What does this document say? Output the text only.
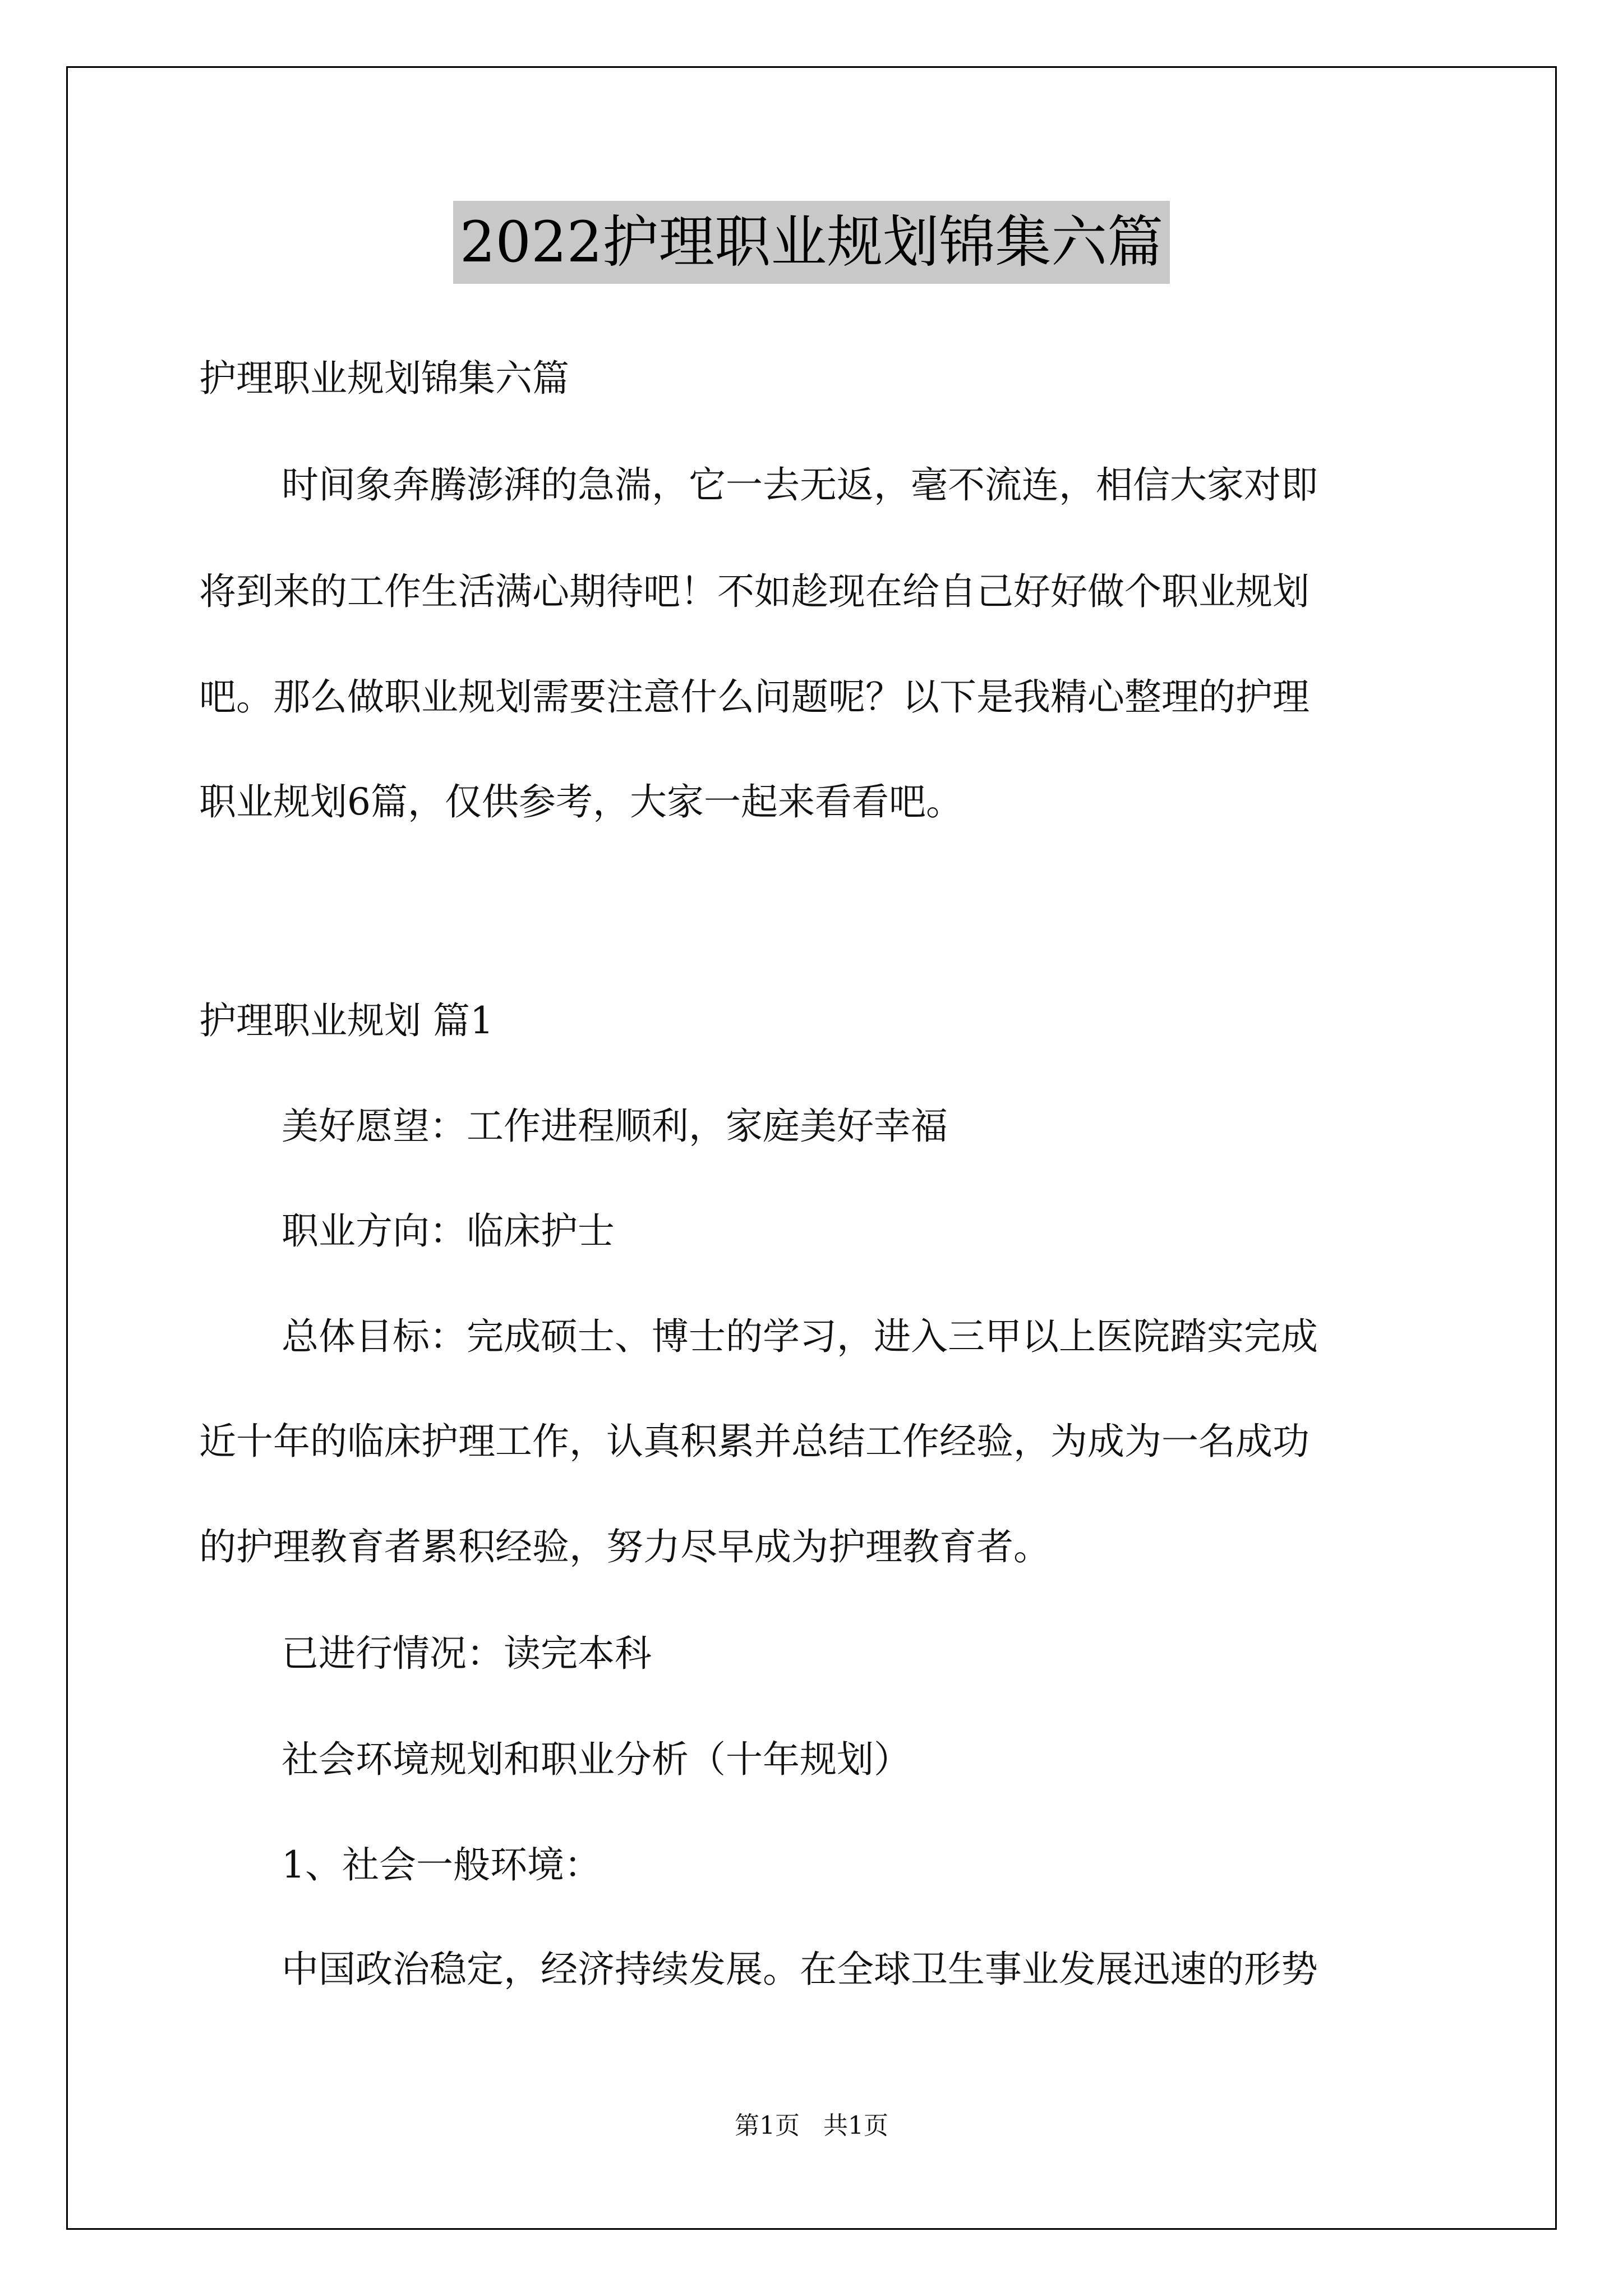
2022护理职业规划锦集六篇
护理职业规划锦集六篇
时间象奔腾澎湃的急湍，它一去无返，毫不流连，相信大家对即
将到来的工作生活满心期待吧！不如趁现在给自己好好做个职业规划
吧。那么做职业规划需要注意什么问题呢？以下是我精心整理的护理
职业规划6篇，仅供参考，大家一起来看看吧。
护理职业规划 篇1
美好愿望：工作进程顺利，家庭美好幸福
职业方向：临床护士
总体目标：完成硕士、博士的学习，进入三甲以上医院踏实完成
近十年的临床护理工作，认真积累并总结工作经验，为成为一名成功
的护理教育者累积经验，努力尽早成为护理教育者。
已进行情况：读完本科
社会环境规划和职业分析（十年规划）
1、社会一般环境：
中国政治稳定，经济持续发展。在全球卫生事业发展迅速的形势
第1页 共1页
